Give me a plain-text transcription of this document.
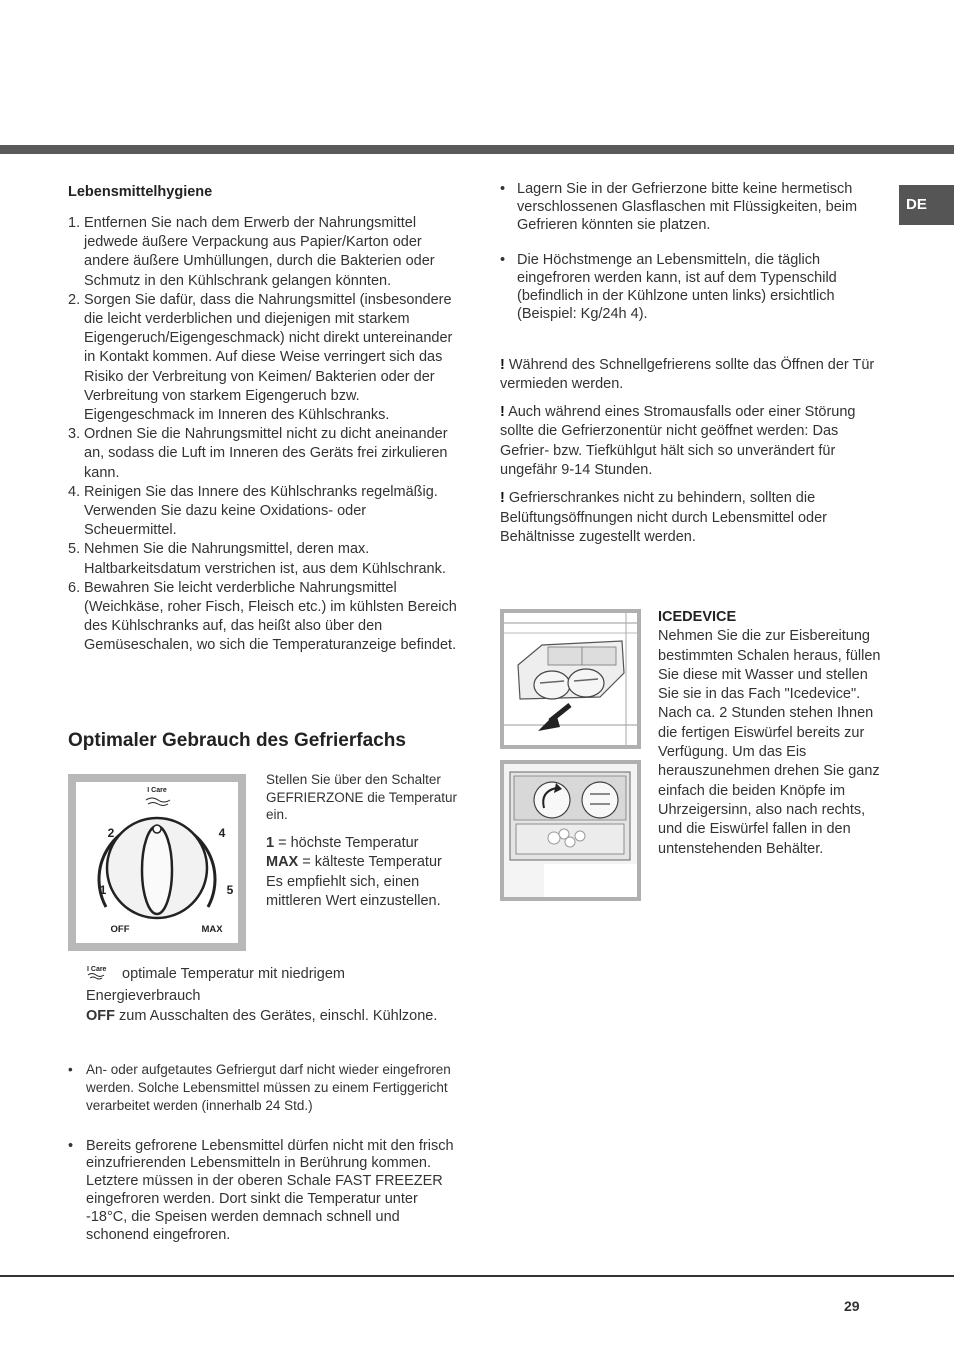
DE
Lebensmittelhygiene
1. Entfernen Sie nach dem Erwerb der Nahrungsmittel jedwede äußere Verpackung aus Papier/Karton oder andere äußere Umhüllungen, durch die Bakterien oder Schmutz in den Kühlschrank gelangen könnten.
2. Sorgen Sie dafür, dass die Nahrungsmittel (insbesondere die leicht verderblichen und diejenigen mit starkem Eigengeruch/Eigengeschmack) nicht direkt untereinander in Kontakt kommen. Auf diese Weise verringert sich das Risiko der Verbreitung von Keimen/ Bakterien oder der Verbreitung von starkem Eigengeruch bzw. Eigengeschmack im Inneren des Kühlschranks.
3. Ordnen Sie die Nahrungsmittel nicht zu dicht aneinander an, sodass die Luft im Inneren des Geräts frei zirkulieren kann.
4. Reinigen Sie das Innere des Kühlschranks regelmäßig. Verwenden Sie dazu keine Oxidations- oder Scheuermittel.
5. Nehmen Sie die Nahrungsmittel, deren max. Haltbarkeitsdatum verstrichen ist, aus dem Kühlschrank.
6. Bewahren Sie leicht verderbliche Nahrungsmittel (Weichkäse, roher Fisch, Fleisch etc.) im kühlsten Bereich des Kühlschranks auf, das heißt also über den Gemüseschalen, wo sich die Temperaturanzeige befindet.
Optimaler Gebrauch des Gefrierfachs
I Care
2	4
1	5
OFF	MAX
Stellen Sie über den Schalter GEFRIERZONE die Temperatur ein.
1 = höchste Temperatur
MAX = kälteste Temperatur
Es empfiehlt sich, einen mittleren Wert einzustellen.
I Care optimale Temperatur mit niedrigem Energieverbrauch
OFF zum Ausschalten des Gerätes, einschl. Kühlzone.
• An- oder aufgetautes Gefriergut darf nicht wieder eingefroren werden. Solche Lebensmittel müssen zu einem Fertiggericht verarbeitet werden (innerhalb 24 Std.)
• Bereits gefrorene Lebensmittel dürfen nicht mit den frisch einzufrierenden Lebensmitteln in Berührung kommen. Letztere müssen in der oberen Schale FAST FREEZER eingefroren werden. Dort sinkt die Temperatur unter -18°C, die Speisen werden demnach schnell und schonend eingefroren.
• Lagern Sie in der Gefrierzone bitte keine hermetisch verschlossenen Glasflaschen mit Flüssigkeiten, beim Gefrieren könnten sie platzen.
• Die Höchstmenge an Lebensmitteln, die täglich eingefroren werden kann, ist auf dem Typenschild (befindlich in der Kühlzone unten links) ersichtlich (Beispiel: Kg/24h 4).

! Während des Schnellgefrierens sollte das Öffnen der Tür vermieden werden.

! Auch während eines Stromausfalls oder einer Störung sollte die Gefrierzonentür nicht geöffnet werden: Das Gefrier- bzw. Tiefkühlgut hält sich so unverändert für ungefähr 9-14 Stunden.

! Gefrierschrankes nicht zu behindern, sollten die Belüftungsöffnungen nicht durch Lebensmittel oder Behältnisse zugestellt werden.

ICEDEVICE
Nehmen Sie die zur Eisbereitung bestimmten Schalen heraus, füllen Sie diese mit Wasser und stellen Sie sie in das Fach "Icedevice". Nach ca. 2 Stunden stehen Ihnen die fertigen Eiswürfel bereits zur Verfügung. Um das Eis herauszunehmen drehen Sie ganz einfach die beiden Knöpfe im Uhrzeigersinn, also nach rechts, und die Eiswürfel fallen in den untenstehenden Behälter.
29
